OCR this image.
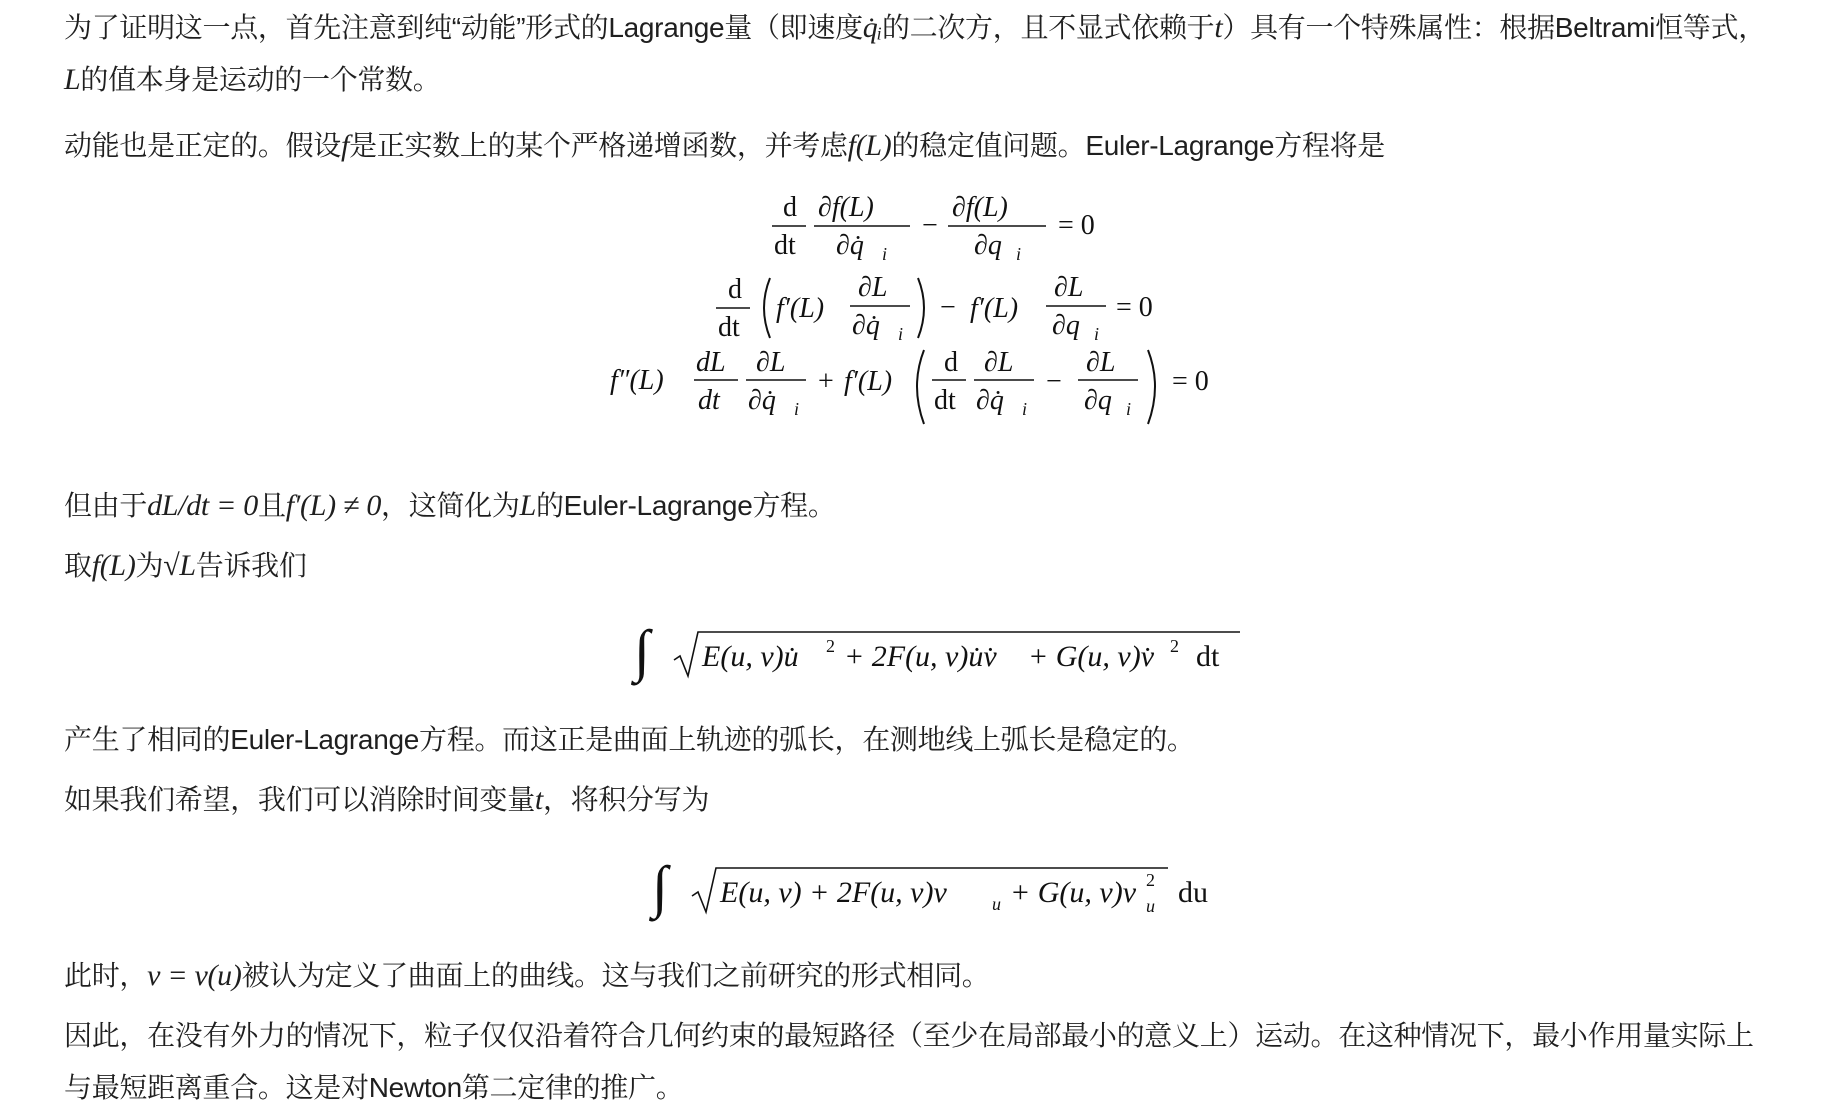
为了证明这一点，首先注意到纯“动能”形式的Lagrange量（即速度q̇ᵢ的二次方，且不显式依赖于t）具有一个特殊属性：根据Beltrami恒等式，L的值本身是运动的一个常数。
动能也是正定的。假设f是正实数上的某个严格递增函数，并考虑f(L)的稳定值问题。Euler-Lagrange方程将是
d
dt
∂f(L)
∂q̇ i
−
∂f(L)
∂q i
= 0
d
dt
f′(L)
∂L
∂q̇ i
− f′(L)
∂L
∂q i
= 0
f″(L)
dL
dt
∂L
∂q̇ i
+ f′(L)
d
dt
∂L
∂q̇ i
−
∂L
∂q i
= 0
但由于dL/dt = 0且f′(L) ≠ 0，这简化为L的Euler-Lagrange方程。
取f(L)为√L告诉我们
∫ E(u, v)u̇ 2 + 2F(u, v)u̇v̇ + G(u, v)v̇ 2 dt
产生了相同的Euler-Lagrange方程。而这正是曲面上轨迹的弧长，在测地线上弧长是稳定的。
如果我们希望，我们可以消除时间变量t，将积分写为
∫ E(u, v) + 2F(u, v)v	u + G(u, v)v 2
u du
此时，v = v(u)被认为定义了曲面上的曲线。这与我们之前研究的形式相同。
因此，在没有外力的情况下，粒子仅仅沿着符合几何约束的最短路径（至少在局部最小的意义上）运动。在这种情况下，最小作用量实际上与最短距离重合。这是对Newton第二定律的推广。
